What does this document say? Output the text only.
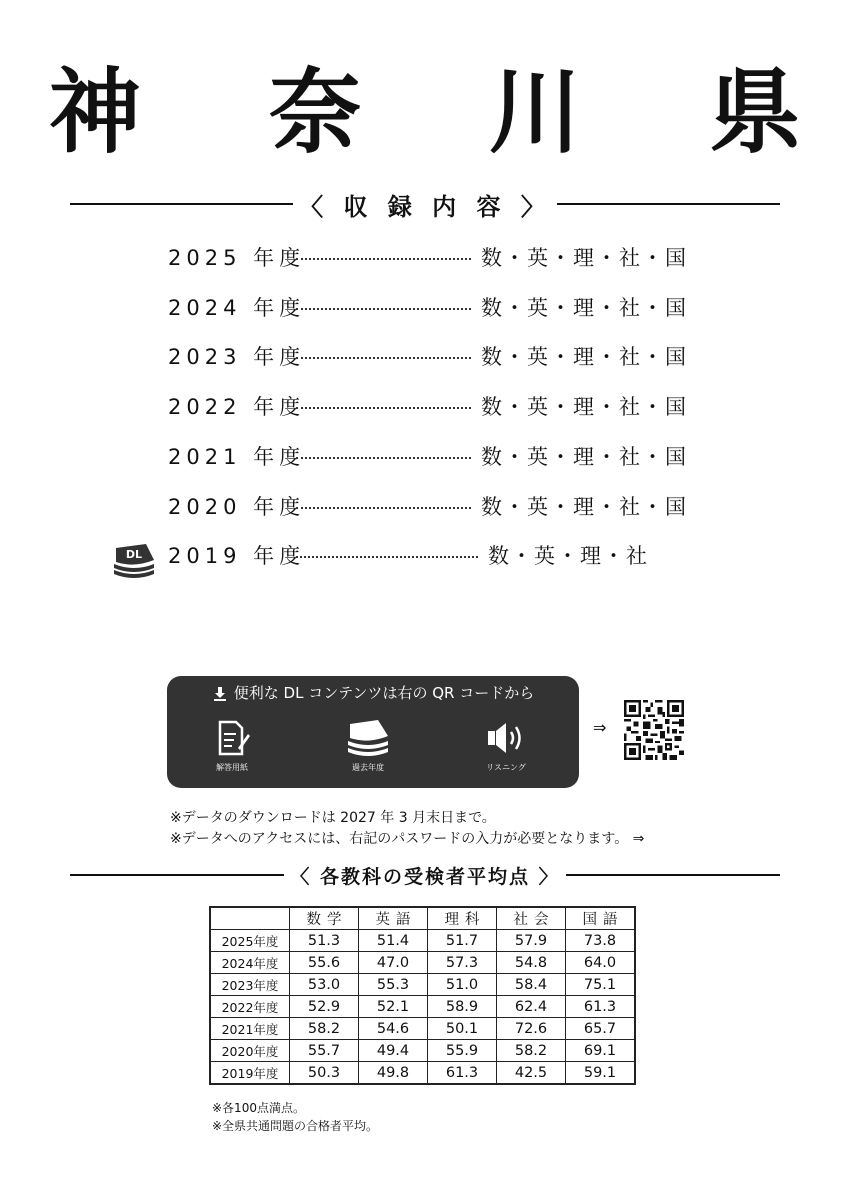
神 奈 川 県
〈 収 録 内 容 〉
2025 年度	数・英・理・社・国
2024 年度	数・英・理・社・国
2023 年度	数・英・理・社・国
2022 年度	数・英・理・社・国
2021 年度	数・英・理・社・国
2020 年度	数・英・理・社・国
2019 年度	数・英・理・社
DL
便利な DL コンテンツは右の QR コードから
解答用紙	過去年度	リスニング
⇒
※データのダウンロードは 2027 年 3 月末日まで。
※データへのアクセスには、右記のパスワードの入力が必要となります。 ⇒
〈 各教科の受検者平均点 〉
	数学	英語	理科	社会	国語
2025年度	51.3	51.4	51.7	57.9	73.8
2024年度	55.6	47.0	57.3	54.8	64.0
2023年度	53.0	55.3	51.0	58.4	75.1
2022年度	52.9	52.1	58.9	62.4	61.3
2021年度	58.2	54.6	50.1	72.6	65.7
2020年度	55.7	49.4	55.9	58.2	69.1
2019年度	50.3	49.8	61.3	42.5	59.1
※各100点満点。
※全県共通問題の合格者平均。
